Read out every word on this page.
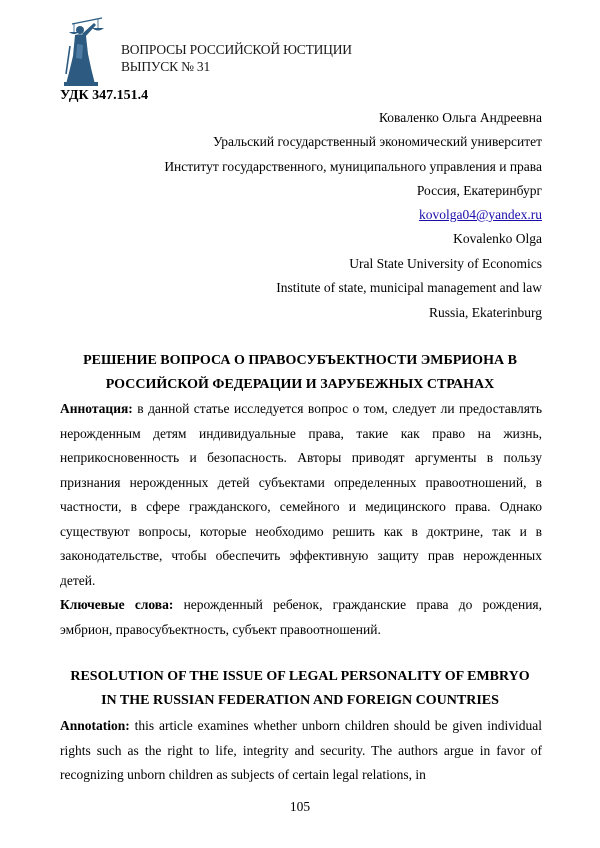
ВОПРОСЫ РОССИЙСКОЙ ЮСТИЦИИ
ВЫПУСК № 31
УДК 347.151.4
Коваленко Ольга Андреевна
Уральский государственный экономический университет
Институт государственного, муниципального управления и права
Россия, Екатеринбург
kovolga04@yandex.ru
Kovalenko Olga
Ural State University of Economics
Institute of state, municipal management and law
Russia, Ekaterinburg
РЕШЕНИЕ ВОПРОСА О ПРАВОСУБЪЕКТНОСТИ ЭМБРИОНА В
РОССИЙСКОЙ ФЕДЕРАЦИИ И ЗАРУБЕЖНЫХ СТРАНАХ
Аннотация: в данной статье исследуется вопрос о том, следует ли предоставлять нерожденным детям индивидуальные права, такие как право на жизнь, неприкосновенность и безопасность. Авторы приводят аргументы в пользу признания нерожденных детей субъектами определенных правоотношений, в частности, в сфере гражданского, семейного и медицинского права. Однако существуют вопросы, которые необходимо решить как в доктрине, так и в законодательстве, чтобы обеспечить эффективную защиту прав нерожденных детей.
Ключевые слова: нерожденный ребенок, гражданские права до рождения, эмбрион, правосубъектность, субъект правоотношений.
RESOLUTION OF THE ISSUE OF LEGAL PERSONALITY OF EMBRYO
IN THE RUSSIAN FEDERATION AND FOREIGN COUNTRIES
Annotation: this article examines whether unborn children should be given individual rights such as the right to life, integrity and security. The authors argue in favor of recognizing unborn children as subjects of certain legal relations, in
105
